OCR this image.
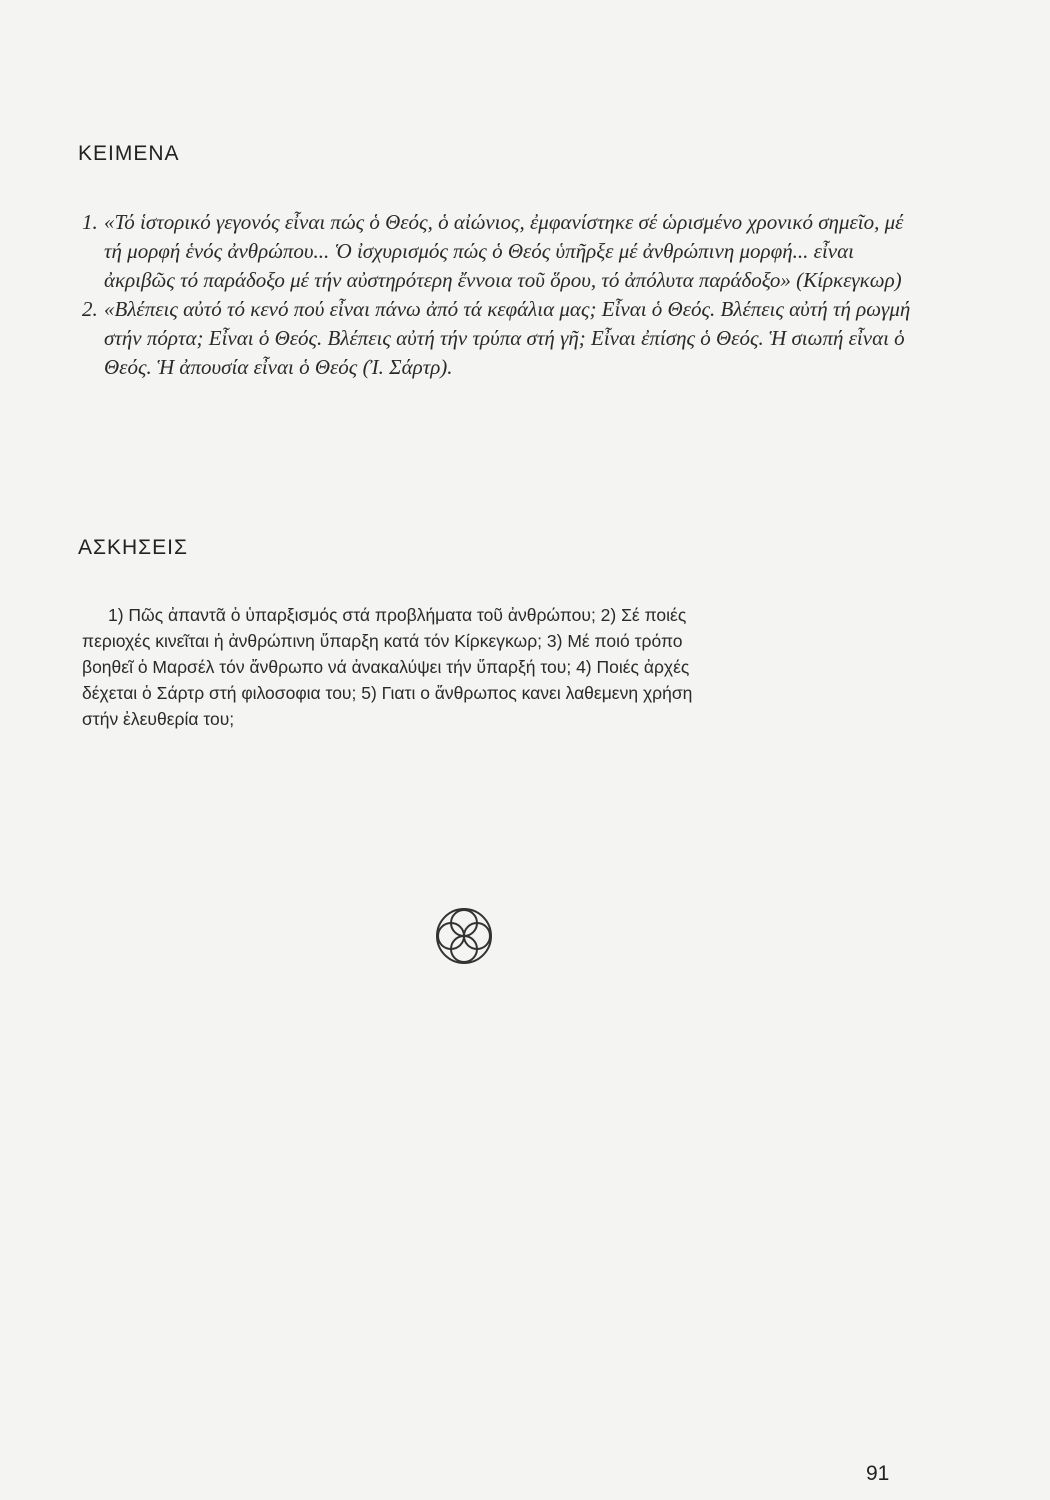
ΚΕΙΜΕΝΑ

1. «Τό ἱστορικό γεγονός εἶναι πώς ὁ Θεός, ὁ αἰώνιος, ἐμφανίστηκε σέ ὡρισμένο χρονικό σημεῖο, μέ τή μορφή ἑνός ἀνθρώπου... Ὁ ἰσχυρισμός πώς ὁ Θεός ὑπῆρξε μέ ἀνθρώπινη μορφή... εἶναι ἀκριβῶς τό παράδοξο μέ τήν αὐστηρότερη ἔννοια τοῦ ὅρου, τό ἀπόλυτα παράδοξο» (Κίρκεγκωρ)

2. «Βλέπεις αὐτό τό κενό πού εἶναι πάνω ἀπό τά κεφάλια μας; Εἶναι ὁ Θεός. Βλέπεις αὐτή τή ρωγμή στήν πόρτα; Εἶναι ὁ Θεός. Βλέπεις αὐτή τήν τρύπα στή γῆ; Εἶναι ἐπίσης ὁ Θεός. Ἡ σιωπή εἶναι ὁ Θεός. Ἡ ἀπουσία εἶναι ὁ Θεός (Ἰ. Σάρτρ).

ΑΣΚΗΣΕΙΣ
1) Πῶς ἀπαντᾶ ὁ ὑπαρξισμός στά προβλήματα τοῦ ἀνθρώπου; 2) Σέ ποιές
περιοχές κινεῖται ἡ ἀνθρώπινη ὕπαρξη κατά τόν Κίρκεγκωρ; 3) Μέ ποιό τρόπο
βοηθεῖ ὁ Μαρσέλ τόν ἄνθρωπο νά ἀνακαλύψει τήν ὕπαρξή του; 4) Ποιές ἀρχές
δέχεται ὁ Σάρτρ στή φιλοσοφια του; 5) Γιατι ο ἄνθρωπος κανει λαθεμενη χρήση
στήν ἐλευθερία του;
91
